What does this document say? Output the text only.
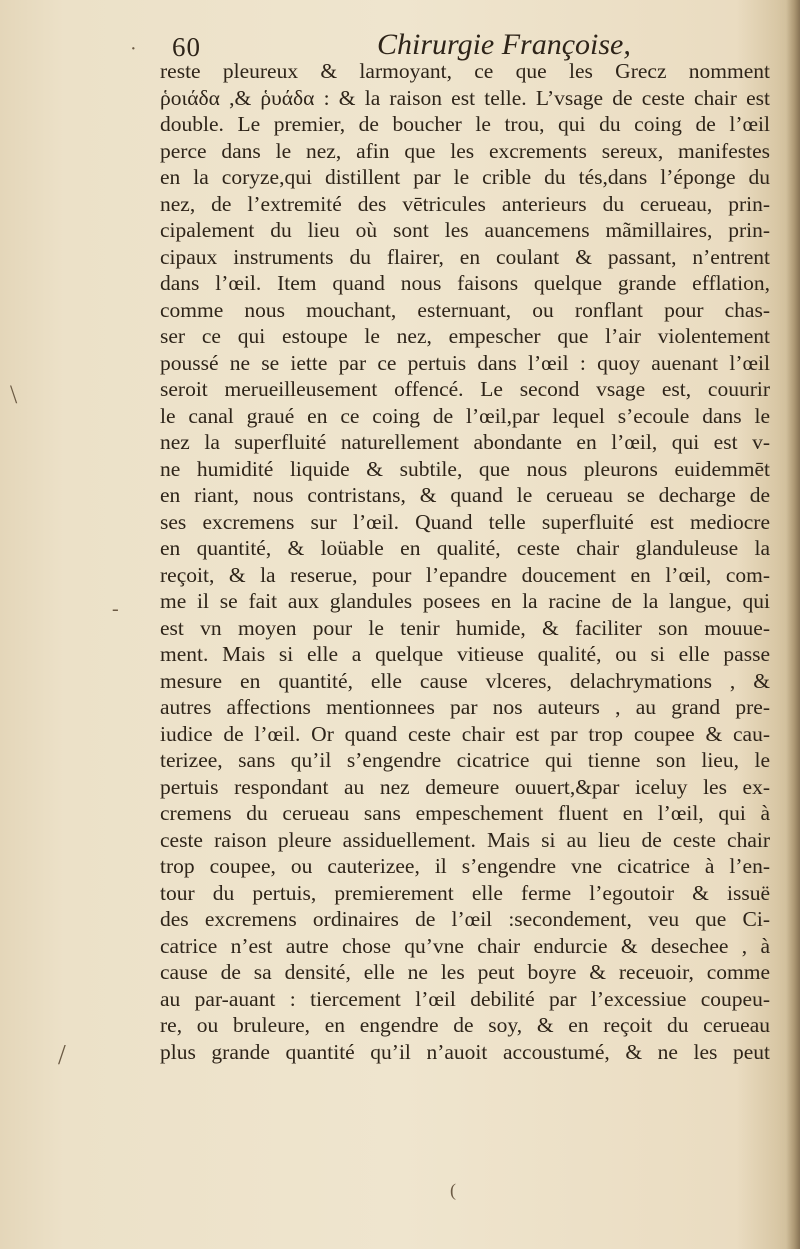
·
\
-
/
(
60	Chirurgie Françoise,
reste pleureux & larmoyant, ce que les Grecz nomment
ῥοιάδα ,& ῥυάδα : & la raison est telle. L’vsage de ceste chair est
double. Le premier, de boucher le trou, qui du coing de l’œil
perce dans le nez, afin que les excrements sereux, manifestes
en la coryze,qui distillent par le crible du tés,dans l’éponge du
nez, de l’extremité des vētricules anterieurs du cerueau, prin-
cipalement du lieu où sont les auancemens mãmillaires, prin-
cipaux instruments du flairer, en coulant & passant, n’entrent
dans l’œil. Item quand nous faisons quelque grande efflation,
comme nous mouchant, esternuant, ou ronflant pour chas-
ser ce qui estoupe le nez, empescher que l’air violentement
poussé ne se iette par ce pertuis dans l’œil : quoy auenant l’œil
seroit merueilleusement offencé. Le second vsage est, couurir
le canal graué en ce coing de l’œil,par lequel s’ecoule dans le
nez la superfluité naturellement abondante en l’œil, qui est v-
ne humidité liquide & subtile, que nous pleurons euidemmēt
en riant, nous contristans, & quand le cerueau se decharge de
ses excremens sur l’œil. Quand telle superfluité est mediocre
en quantité, & loüable en qualité, ceste chair glanduleuse la
reçoit, & la reserue, pour l’epandre doucement en l’œil, com-
me il se fait aux glandules posees en la racine de la langue, qui
est vn moyen pour le tenir humide, & faciliter son mouue-
ment. Mais si elle a quelque vitieuse qualité, ou si elle passe
mesure en quantité, elle cause vlceres, delachrymations , &
autres affections mentionnees par nos auteurs , au grand pre-
iudice de l’œil. Or quand ceste chair est par trop coupee & cau-
terizee, sans qu’il s’engendre cicatrice qui tienne son lieu, le
pertuis respondant au nez demeure ouuert,&par iceluy les ex-
cremens du cerueau sans empeschement fluent en l’œil, qui à
ceste raison pleure assiduellement. Mais si au lieu de ceste chair
trop coupee, ou cauterizee, il s’engendre vne cicatrice à l’en-
tour du pertuis, premierement elle ferme l’egoutoir & issuë
des excremens ordinaires de l’œil :secondement, veu que Ci-
catrice n’est autre chose qu’vne chair endurcie & desechee , à
cause de sa densité, elle ne les peut boyre & receuoir, comme
au par-auant : tiercement l’œil debilité par l’excessiue coupeu-
re, ou bruleure, en engendre de soy, & en reçoit du cerueau
plus grande quantité qu’il n’auoit accoustumé, & ne les peut
